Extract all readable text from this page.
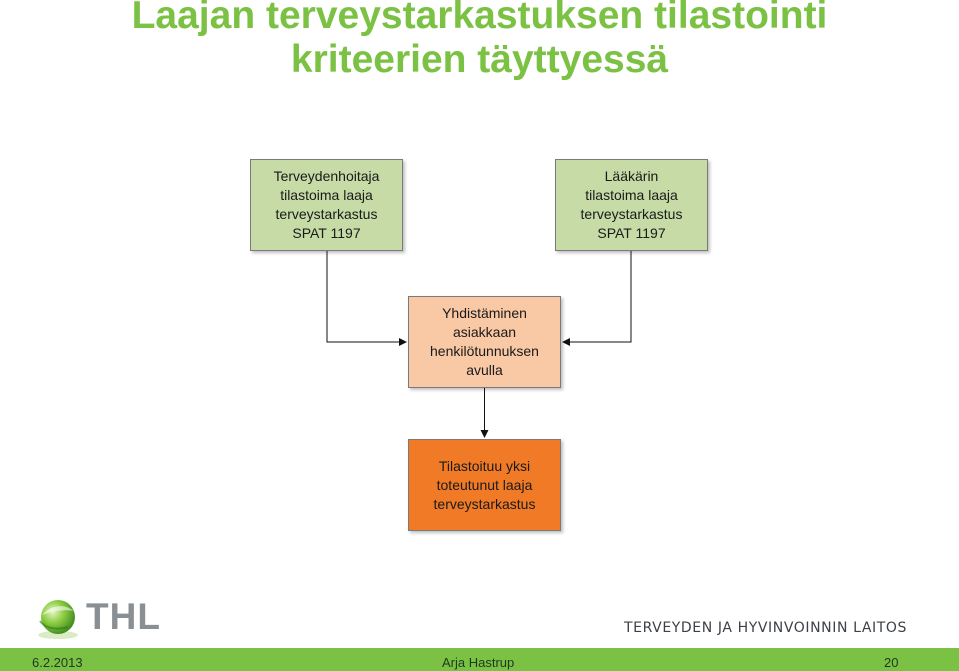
Laajan terveystarkastuksen tilastointi
kriteerien täyttyessä
Terveydenhoitaja
tilastoima laaja
terveystarkastus
SPAT 1197
Lääkärin
tilastoima laaja
terveystarkastus
SPAT 1197
Yhdistäminen
asiakkaan
henkilötunnuksen
avulla
Tilastoituu yksi
toteutunut laaja
terveystarkastus
THL	TERVEYDEN JA HYVINVOINNIN LAITOS
6.2.2013	Arja Hastrup	20
